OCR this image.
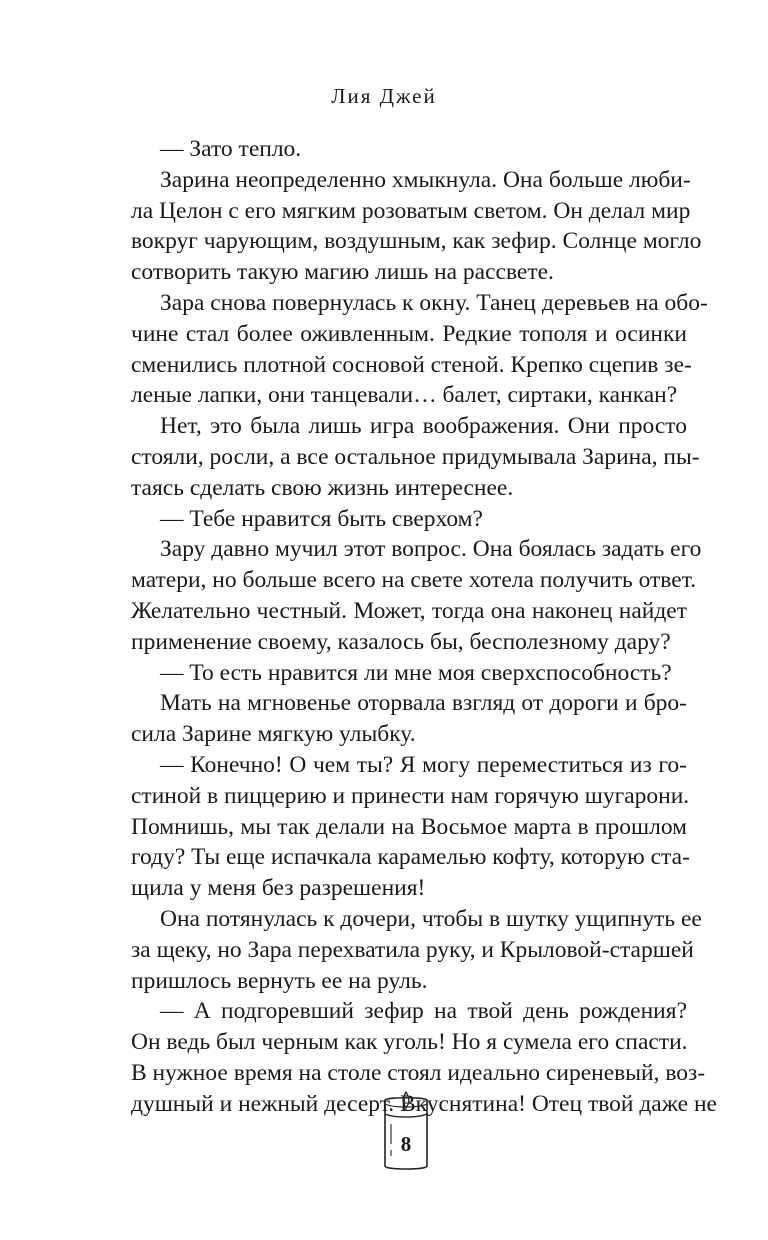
Лия Джей
— Зато тепло.
Зарина неопределенно хмыкнула. Она больше люби-
ла Целон с его мягким розоватым светом. Он делал мир
вокруг чарующим, воздушным, как зефир. Солнце могло
сотворить такую магию лишь на рассвете.
Зара снова повернулась к окну. Танец деревьев на обо-
чине стал более оживленным. Редкие тополя и осинки
сменились плотной сосновой стеной. Крепко сцепив зе-
леные лапки, они танцевали… балет, сиртаки, канкан?
Нет, это была лишь игра воображения. Они просто
стояли, росли, а все остальное придумывала Зарина, пы-
таясь сделать свою жизнь интереснее.
— Тебе нравится быть сверхом?
Зару давно мучил этот вопрос. Она боялась задать его
матери, но больше всего на свете хотела получить ответ.
Желательно честный. Может, тогда она наконец найдет
применение своему, казалось бы, бесполезному дару?
— То есть нравится ли мне моя сверхспособность?
Мать на мгновенье оторвала взгляд от дороги и бро-
сила Зарине мягкую улыбку.
— Конечно! О чем ты? Я могу переместиться из го-
стиной в пиццерию и принести нам горячую шугарони.
Помнишь, мы так делали на Восьмое марта в прошлом
году? Ты еще испачкала карамелью кофту, которую ста-
щила у меня без разрешения!
Она потянулась к дочери, чтобы в шутку ущипнуть ее
за щеку, но Зара перехватила руку, и Крыловой-старшей
пришлось вернуть ее на руль.
— А подгоревший зефир на твой день рождения?
Он ведь был черным как уголь! Но я сумела его спасти.
В нужное время на столе стоял идеально сиреневый, воз-
душный и нежный десерт. Вкуснятина! Отец твой даже не
8
